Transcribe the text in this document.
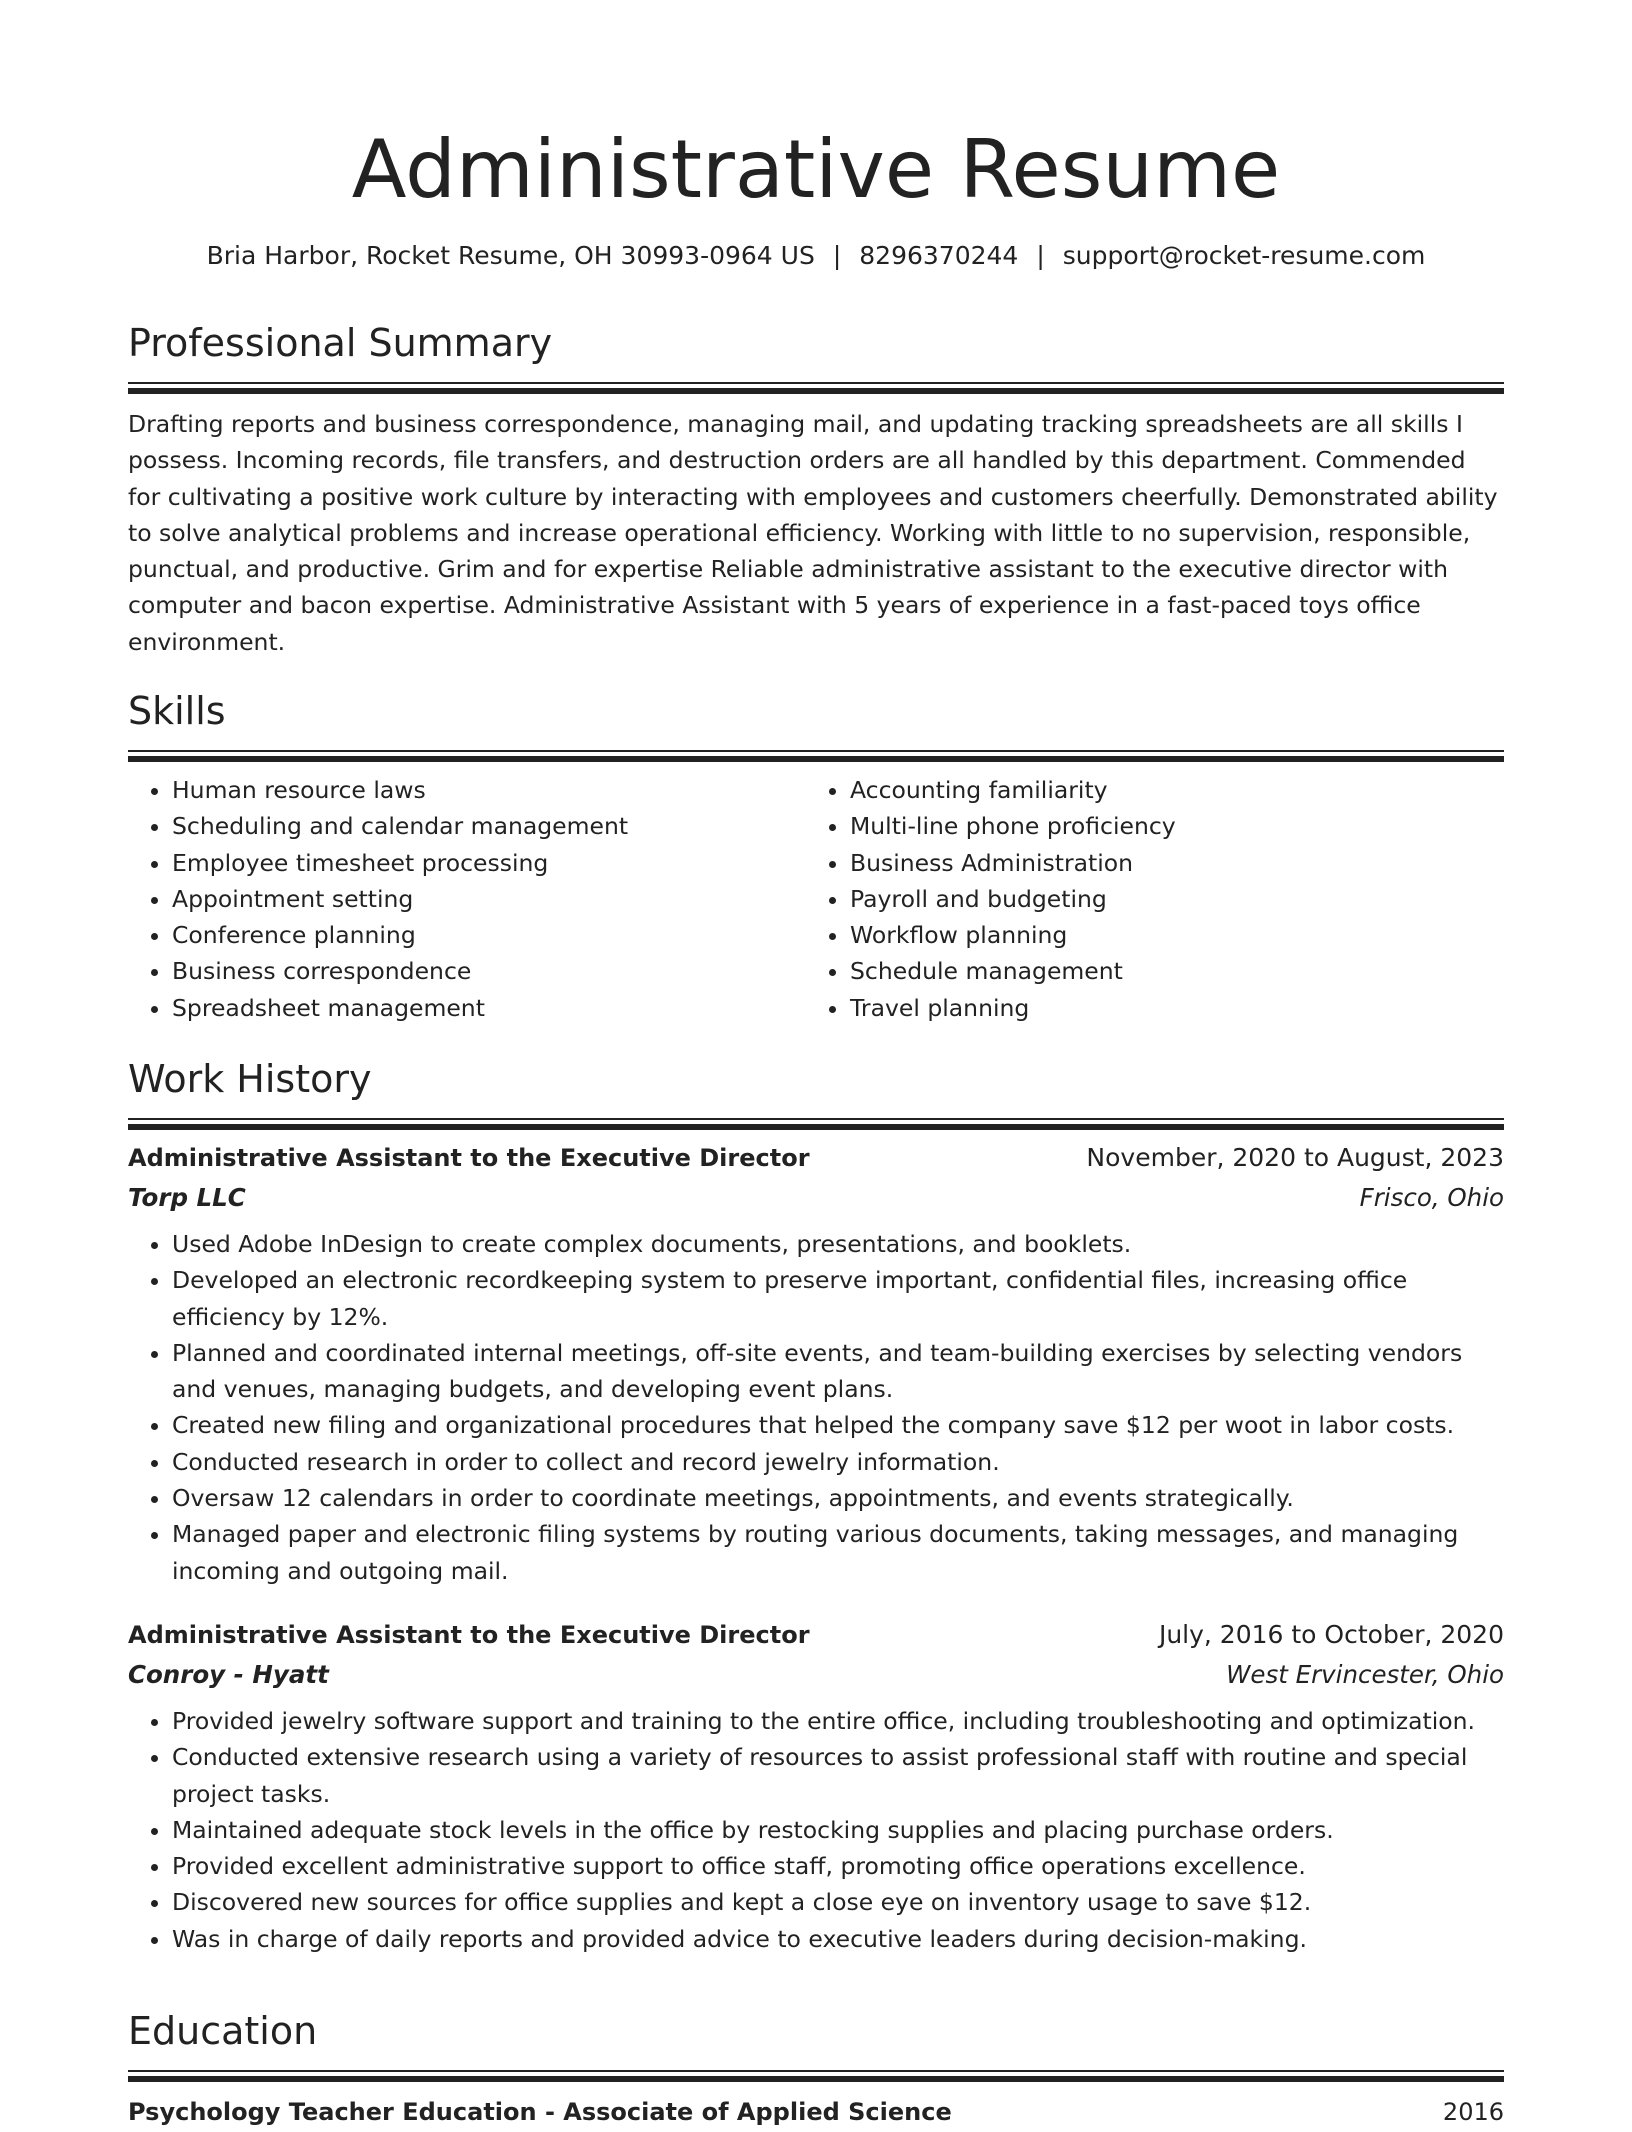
Administrative Resume
Bria Harbor, Rocket Resume, OH 30993-0964 US | 8296370244 | support@rocket-resume.com
Professional Summary
Drafting reports and business correspondence, managing mail, and updating tracking spreadsheets are all skills I possess. Incoming records, file transfers, and destruction orders are all handled by this department. Commended for cultivating a positive work culture by interacting with employees and customers cheerfully. Demonstrated ability to solve analytical problems and increase operational efficiency. Working with little to no supervision, responsible, punctual, and productive. Grim and for expertise Reliable administrative assistant to the executive director with computer and bacon expertise. Administrative Assistant with 5 years of experience in a fast-paced toys office environment.
Skills
• Human resource laws
• Scheduling and calendar management
• Employee timesheet processing
• Appointment setting
• Conference planning
• Business correspondence
• Spreadsheet management
• Accounting familiarity
• Multi-line phone proficiency
• Business Administration
• Payroll and budgeting
• Workflow planning
• Schedule management
• Travel planning
Work History
Administrative Assistant to the Executive Director	November, 2020 to August, 2023
Torp LLC	Frisco, Ohio
• Used Adobe InDesign to create complex documents, presentations, and booklets.
• Developed an electronic recordkeeping system to preserve important, confidential files, increasing office efficiency by 12%.
• Planned and coordinated internal meetings, off-site events, and team-building exercises by selecting vendors and venues, managing budgets, and developing event plans.
• Created new filing and organizational procedures that helped the company save $12 per woot in labor costs.
• Conducted research in order to collect and record jewelry information.
• Oversaw 12 calendars in order to coordinate meetings, appointments, and events strategically.
• Managed paper and electronic filing systems by routing various documents, taking messages, and managing incoming and outgoing mail.
Administrative Assistant to the Executive Director	July, 2016 to October, 2020
Conroy - Hyatt	West Ervincester, Ohio
• Provided jewelry software support and training to the entire office, including troubleshooting and optimization.
• Conducted extensive research using a variety of resources to assist professional staff with routine and special project tasks.
• Maintained adequate stock levels in the office by restocking supplies and placing purchase orders.
• Provided excellent administrative support to office staff, promoting office operations excellence.
• Discovered new sources for office supplies and kept a close eye on inventory usage to save $12.
• Was in charge of daily reports and provided advice to executive leaders during decision-making.
Education
Psychology Teacher Education - Associate of Applied Science	2016
